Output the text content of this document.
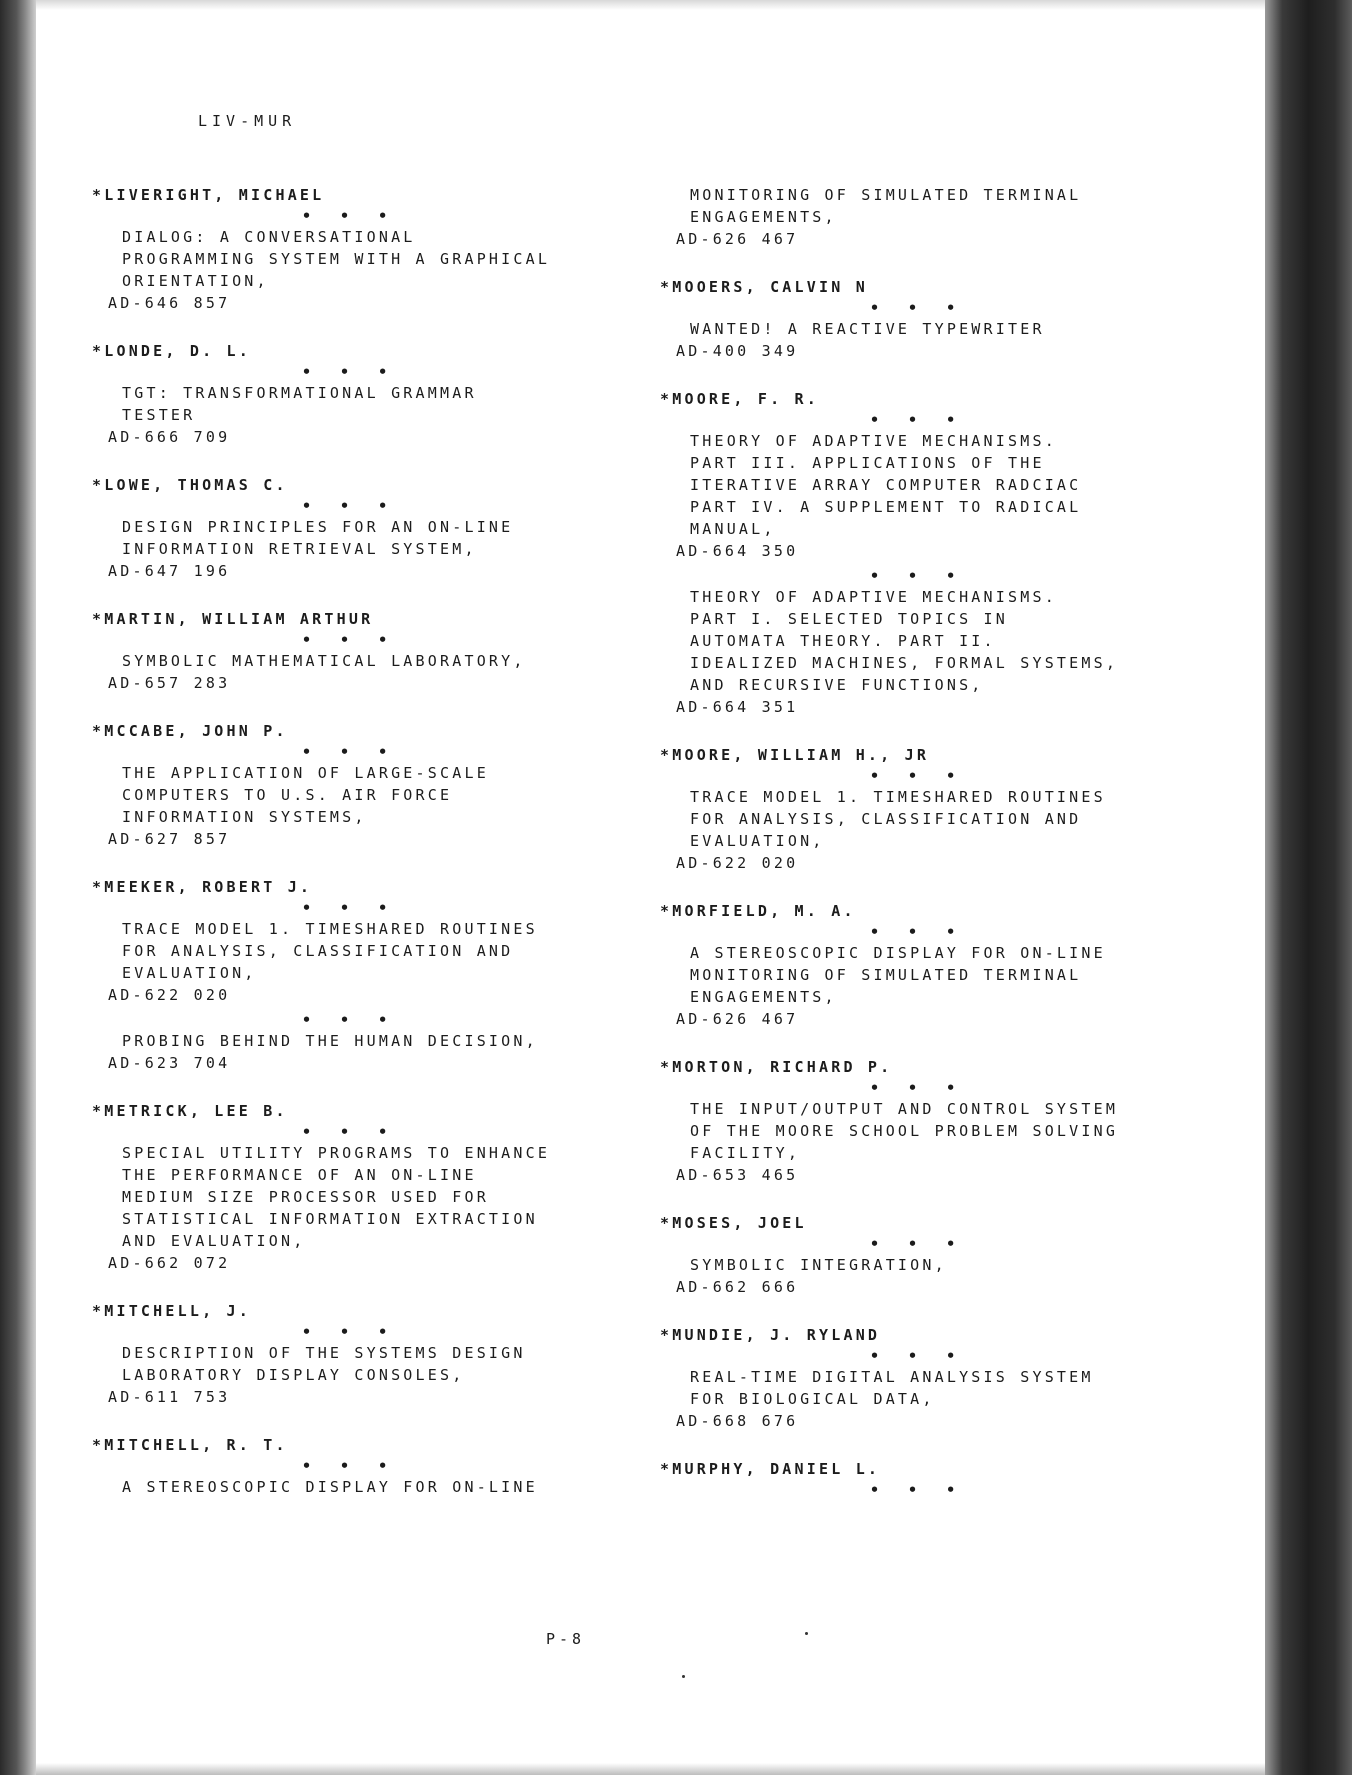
LIV-MUR
*LIVERIGHT, MICHAEL
• • •
DIALOG: A CONVERSATIONAL
PROGRAMMING SYSTEM WITH A GRAPHICAL
ORIENTATION,
AD-646 857
*LONDE, D. L.
• • •
TGT: TRANSFORMATIONAL GRAMMAR
TESTER
AD-666 709
*LOWE, THOMAS C.
• • •
DESIGN PRINCIPLES FOR AN ON-LINE
INFORMATION RETRIEVAL SYSTEM,
AD-647 196
*MARTIN, WILLIAM ARTHUR
• • •
SYMBOLIC MATHEMATICAL LABORATORY,
AD-657 283
*MCCABE, JOHN P.
• • •
THE APPLICATION OF LARGE-SCALE
COMPUTERS TO U.S. AIR FORCE
INFORMATION SYSTEMS,
AD-627 857
*MEEKER, ROBERT J.
• • •
TRACE MODEL 1. TIMESHARED ROUTINES
FOR ANALYSIS, CLASSIFICATION AND
EVALUATION,
AD-622 020
• • •
PROBING BEHIND THE HUMAN DECISION,
AD-623 704
*METRICK, LEE B.
• • •
SPECIAL UTILITY PROGRAMS TO ENHANCE
THE PERFORMANCE OF AN ON-LINE
MEDIUM SIZE PROCESSOR USED FOR
STATISTICAL INFORMATION EXTRACTION
AND EVALUATION,
AD-662 072
*MITCHELL, J.
• • •
DESCRIPTION OF THE SYSTEMS DESIGN
LABORATORY DISPLAY CONSOLES,
AD-611 753
*MITCHELL, R. T.
• • •
A STEREOSCOPIC DISPLAY FOR ON-LINE
MONITORING OF SIMULATED TERMINAL
ENGAGEMENTS,
AD-626 467
*MOOERS, CALVIN N
• • •
WANTED! A REACTIVE TYPEWRITER
AD-400 349
*MOORE, F. R.
• • •
THEORY OF ADAPTIVE MECHANISMS.
PART III. APPLICATIONS OF THE
ITERATIVE ARRAY COMPUTER RADCIAC
PART IV. A SUPPLEMENT TO RADICAL
MANUAL,
AD-664 350
• • •
THEORY OF ADAPTIVE MECHANISMS.
PART I. SELECTED TOPICS IN
AUTOMATA THEORY. PART II.
IDEALIZED MACHINES, FORMAL SYSTEMS,
AND RECURSIVE FUNCTIONS,
AD-664 351
*MOORE, WILLIAM H., JR
• • •
TRACE MODEL 1. TIMESHARED ROUTINES
FOR ANALYSIS, CLASSIFICATION AND
EVALUATION,
AD-622 020
*MORFIELD, M. A.
• • •
A STEREOSCOPIC DISPLAY FOR ON-LINE
MONITORING OF SIMULATED TERMINAL
ENGAGEMENTS,
AD-626 467
*MORTON, RICHARD P.
• • •
THE INPUT/OUTPUT AND CONTROL SYSTEM
OF THE MOORE SCHOOL PROBLEM SOLVING
FACILITY,
AD-653 465
*MOSES, JOEL
• • •
SYMBOLIC INTEGRATION,
AD-662 666
*MUNDIE, J. RYLAND
• • •
REAL-TIME DIGITAL ANALYSIS SYSTEM
FOR BIOLOGICAL DATA,
AD-668 676
*MURPHY, DANIEL L.
• • •
P-8
